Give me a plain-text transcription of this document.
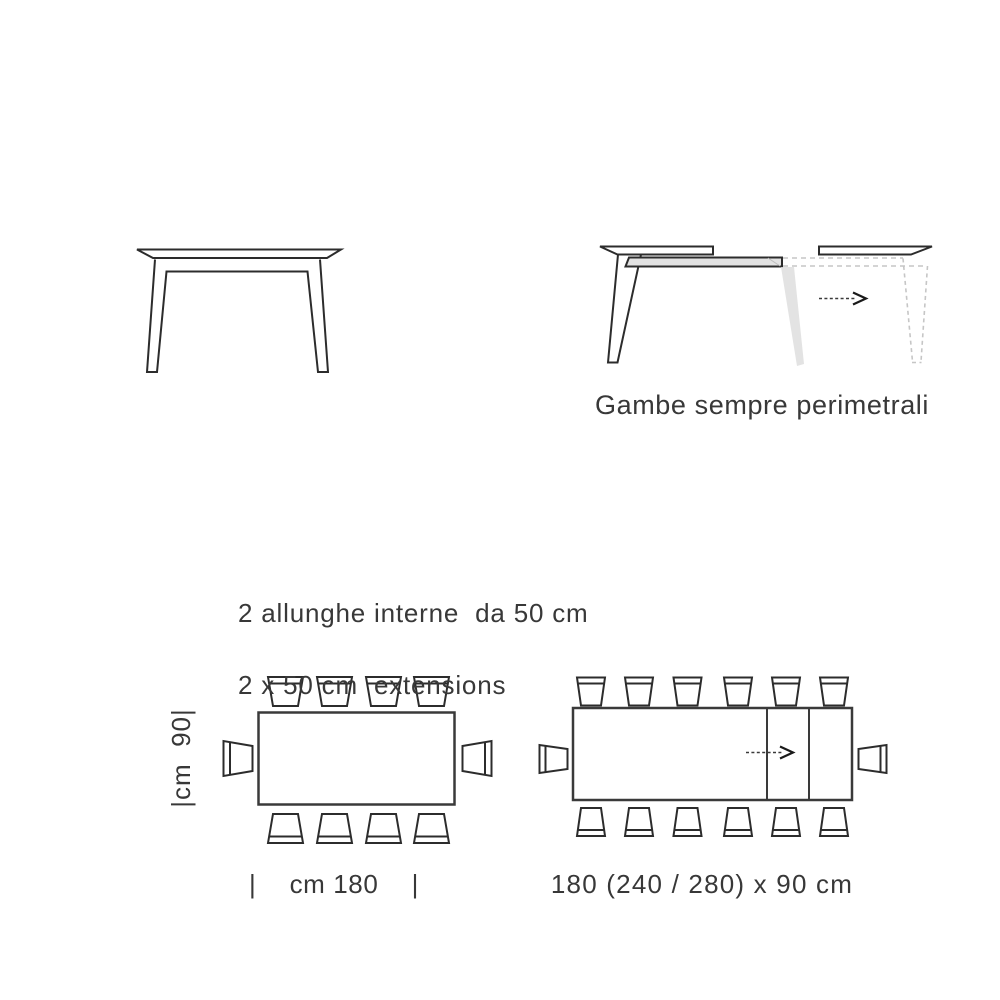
Gambe sempre perimetrali

2 allunghe interne  da 50 cm

2 x 50 cm  extensions

|cm  90|
| cm 180 |	180 (240 / 280) x 90 cm
